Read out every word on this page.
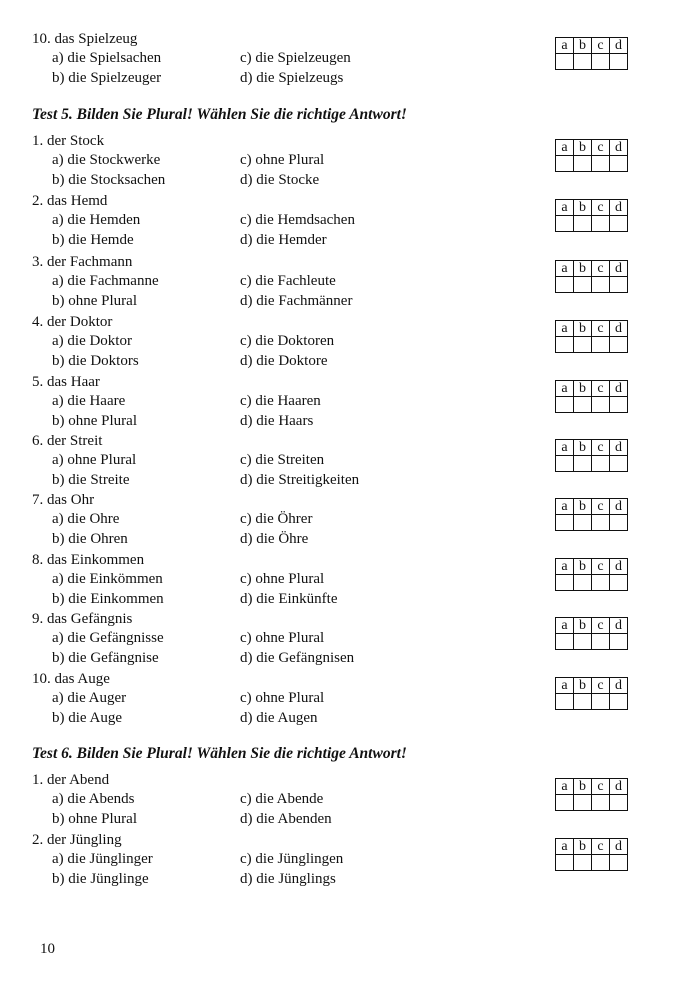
10. das Spielzeug
a) die Spielsachen
b) die Spielzeuger
c) die Spielzeugen
d) die Spielzeugs
a	b	c	d

Test 5. Bilden Sie Plural! Wählen Sie die richtige Antwort!
1. der Stock
a) die Stockwerke
b) die Stocksachen
c) ohne Plural
d) die Stocke
a	b	c	d

2. das Hemd
a) die Hemden
b) die Hemde
c) die Hemdsachen
d) die Hemder
a	b	c	d

3. der Fachmann
a) die Fachmanne
b) ohne Plural
c) die Fachleute
d) die Fachmänner
a	b	c	d

4. der Doktor
a) die Doktor
b) die Doktors
c) die Doktoren
d) die Doktore
a	b	c	d

5. das Haar
a) die Haare
b) ohne Plural
c) die Haaren
d) die Haars
a	b	c	d

6. der Streit
a) ohne Plural
b) die Streite
c) die Streiten
d) die Streitigkeiten
a	b	c	d

7. das Ohr
a) die Ohre
b) die Ohren
c) die Öhrer
d) die Öhre
a	b	c	d

8. das Einkommen
a) die Einkömmen
b) die Einkommen
c) ohne Plural
d) die Einkünfte
a	b	c	d

9. das Gefängnis
a) die Gefängnisse
b) die Gefängnise
c) ohne Plural
d) die Gefängnisen
a	b	c	d

10. das Auge
a) die Auger
b) die Auge
c) ohne Plural
d) die Augen
a	b	c	d

Test 6. Bilden Sie Plural! Wählen Sie die richtige Antwort!
1. der Abend
a) die Abends
b) ohne Plural
c) die Abende
d) die Abenden
a	b	c	d

2. der Jüngling
a) die Jünglinger
b) die Jünglinge
c) die Jünglingen
d) die Jünglings
a	b	c	d

10
